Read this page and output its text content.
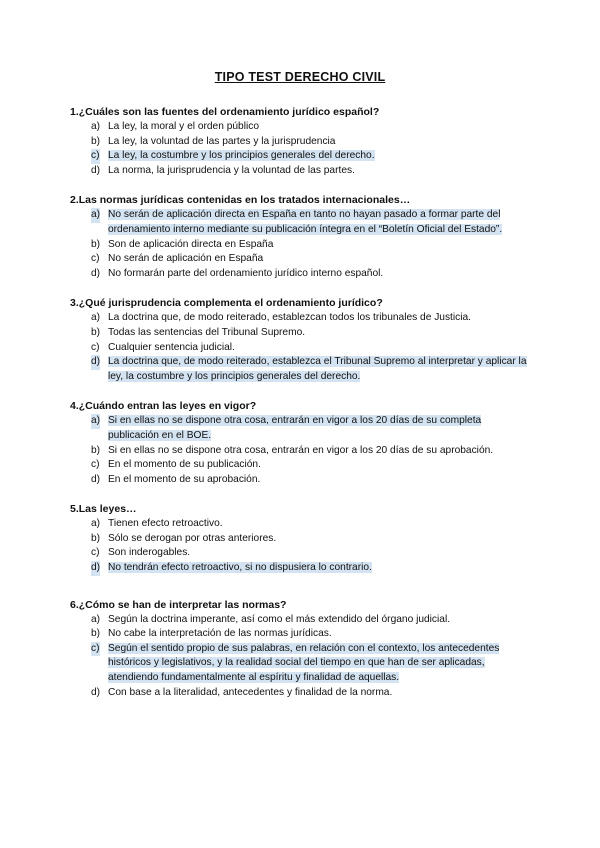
TIPO TEST DERECHO CIVIL
1.¿Cuáles son las fuentes del ordenamiento jurídico español?
a) La ley, la moral y el orden público
b) La ley, la voluntad de las partes y la jurisprudencia
c) La ley, la costumbre y los principios generales del derecho.
d) La norma, la jurisprudencia y la voluntad de las partes.
2.Las normas jurídicas contenidas en los tratados internacionales…
a) No serán de aplicación directa en España en tanto no hayan pasado a formar parte del ordenamiento interno mediante su publicación íntegra en el “Boletín Oficial del Estado”.
b) Son de aplicación directa en España
c) No serán de aplicación en España
d) No formarán parte del ordenamiento jurídico interno español.
3.¿Qué jurisprudencia complementa el ordenamiento jurídico?
a) La doctrina que, de modo reiterado, establezcan todos los tribunales de Justicia.
b) Todas las sentencias del Tribunal Supremo.
c) Cualquier sentencia judicial.
d) La doctrina que, de modo reiterado, establezca el Tribunal Supremo al interpretar y aplicar la ley, la costumbre y los principios generales del derecho.
4.¿Cuándo entran las leyes en vigor?
a) Si en ellas no se dispone otra cosa, entrarán en vigor a los 20 días de su completa publicación en el BOE.
b) Si en ellas no se dispone otra cosa, entrarán en vigor a los 20 días de su aprobación.
c) En el momento de su publicación.
d) En el momento de su aprobación.
5.Las leyes…
a) Tienen efecto retroactivo.
b) Sólo se derogan por otras anteriores.
c) Son inderogables.
d) No tendrán efecto retroactivo, si no dispusiera lo contrario.
6.¿Cómo se han de interpretar las normas?
a) Según la doctrina imperante, así como el más extendido del órgano judicial.
b) No cabe la interpretación de las normas jurídicas.
c) Según el sentido propio de sus palabras, en relación con el contexto, los antecedentes históricos y legislativos, y la realidad social del tiempo en que han de ser aplicadas, atendiendo fundamentalmente al espíritu y finalidad de aquellas.
d) Con base a la literalidad, antecedentes y finalidad de la norma.
